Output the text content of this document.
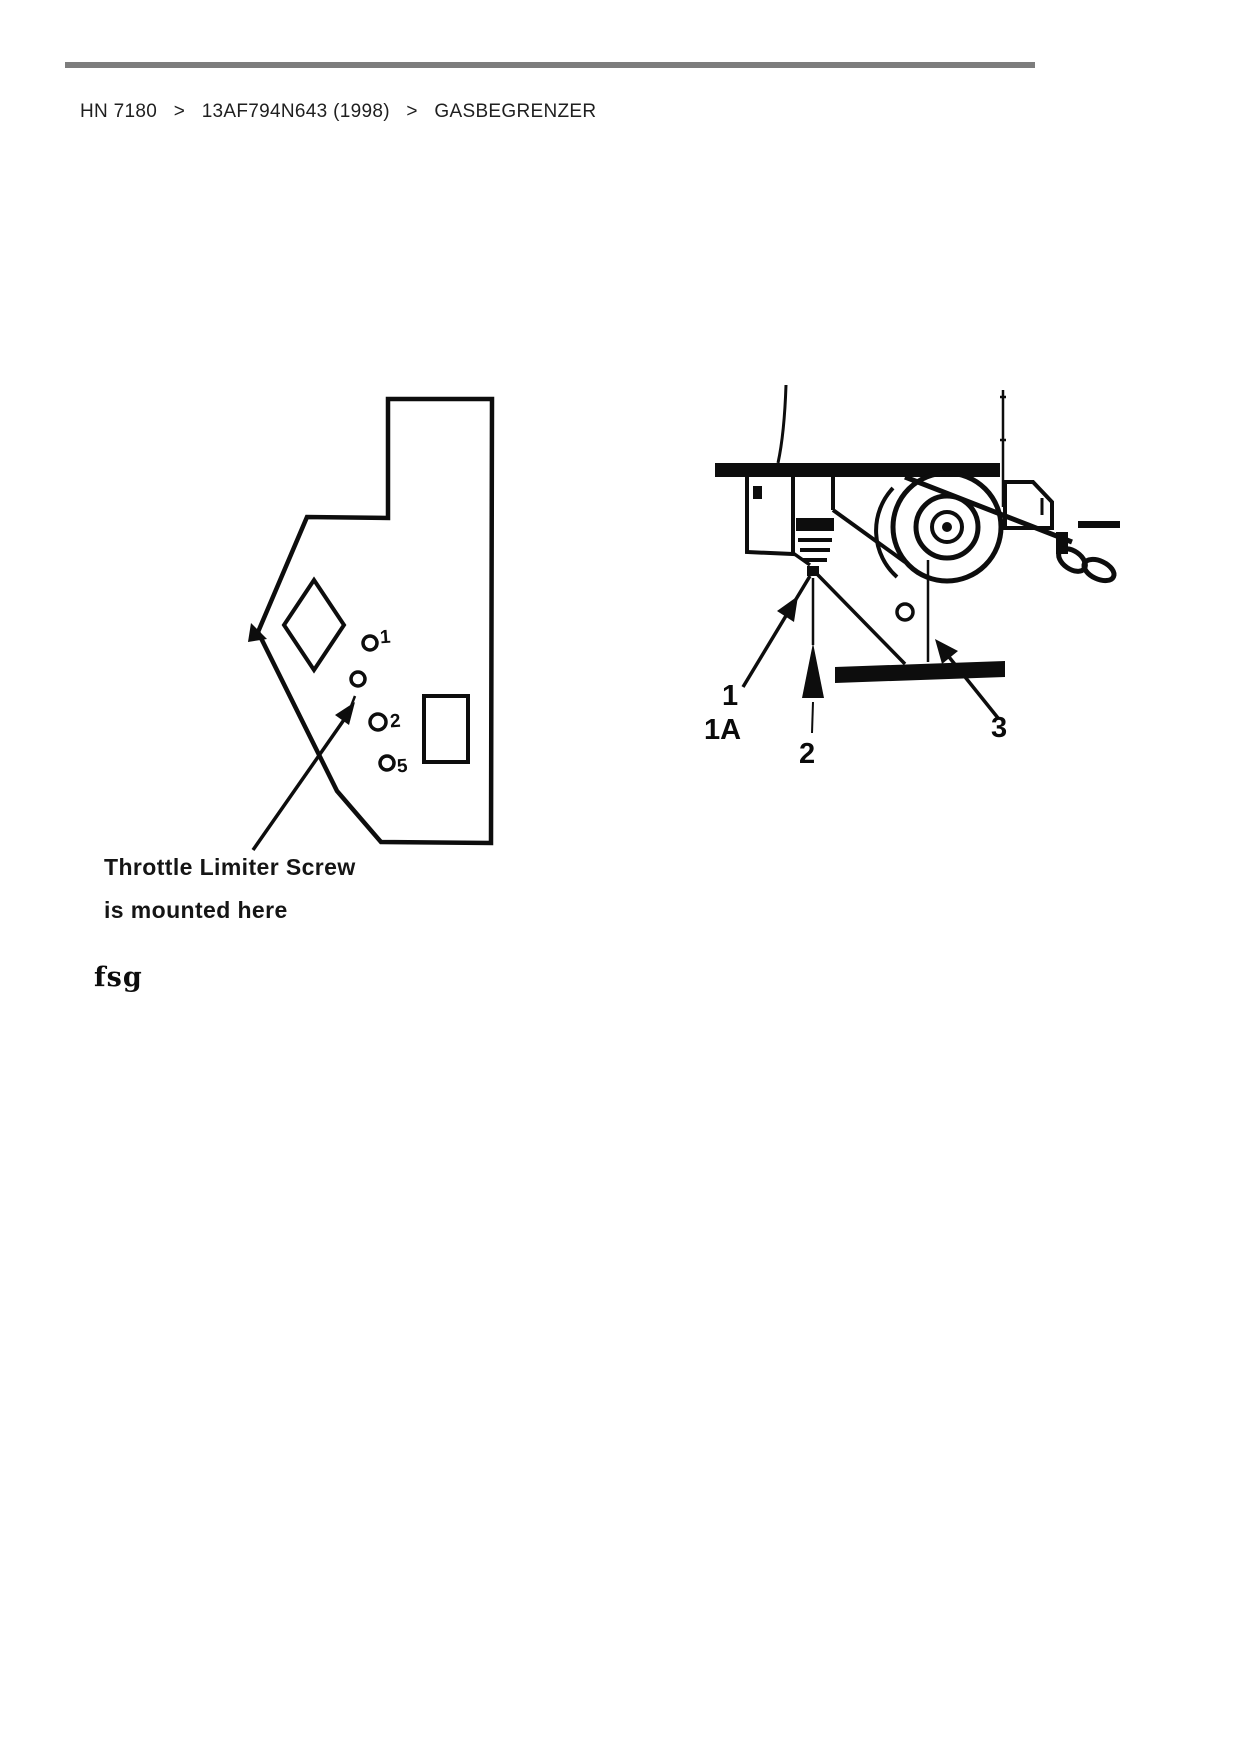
HN 7180 > 13AF794N643 (1998) > GASBEGRENZER
1
2
5
Throttle Limiter Screw
is mounted here
fsg
1
1A
2
3
